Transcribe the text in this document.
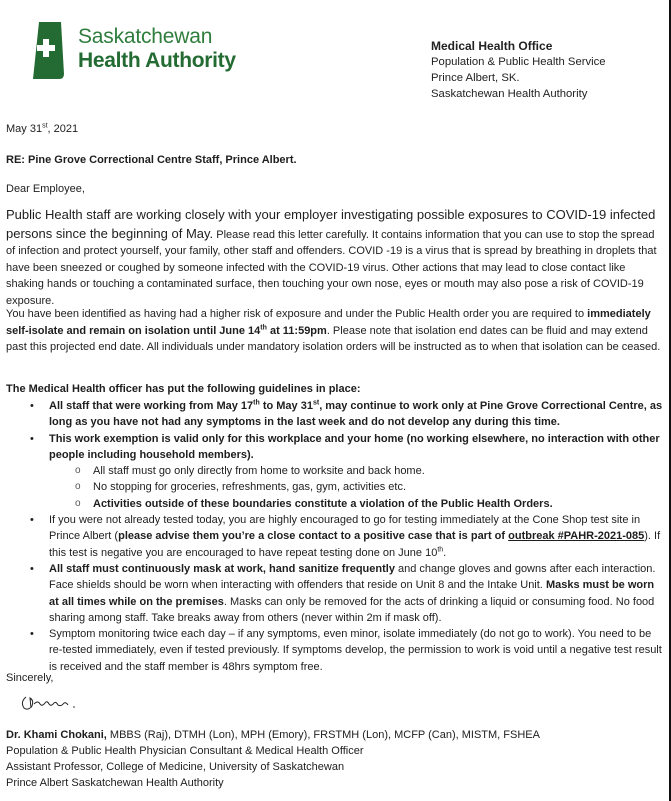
Saskatchewan
Health Authority
Medical Health Office
Population & Public Health Service
Prince Albert, SK.
Saskatchewan Health Authority
May 31st, 2021
RE: Pine Grove Correctional Centre Staff, Prince Albert.
Dear Employee,
Public Health staff are working closely with your employer investigating possible exposures to COVID-19 infected persons since the beginning of May. Please read this letter carefully. It contains information that you can use to stop the spread of infection and protect yourself, your family, other staff and offenders. COVID -19 is a virus that is spread by breathing in droplets that have been sneezed or coughed by someone infected with the COVID-19 virus. Other actions that may lead to close contact like shaking hands or touching a contaminated surface, then touching your own nose, eyes or mouth may also pose a risk of COVID-19 exposure.
You have been identified as having had a higher risk of exposure and under the Public Health order you are required to immediately self-isolate and remain on isolation until June 14th at 11:59pm. Please note that isolation end dates can be fluid and may extend past this projected end date. All individuals under mandatory isolation orders will be instructed as to when that isolation can be ceased.
The Medical Health officer has put the following guidelines in place:
• All staff that were working from May 17th to May 31st, may continue to work only at Pine Grove Correctional Centre, as long as you have not had any symptoms in the last week and do not develop any during this time.
• This work exemption is valid only for this workplace and your home (no working elsewhere, no interaction with other people including household members).
o All staff must go only directly from home to worksite and back home.
o No stopping for groceries, refreshments, gas, gym, activities etc.
o Activities outside of these boundaries constitute a violation of the Public Health Orders.
• If you were not already tested today, you are highly encouraged to go for testing immediately at the Cone Shop test site in Prince Albert (please advise them you’re a close contact to a positive case that is part of outbreak #PAHR-2021-085). If this test is negative you are encouraged to have repeat testing done on June 10th.
• All staff must continuously mask at work, hand sanitize frequently and change gloves and gowns after each interaction. Face shields should be worn when interacting with offenders that reside on Unit 8 and the Intake Unit. Masks must be worn at all times while on the premises. Masks can only be removed for the acts of drinking a liquid or consuming food. No food sharing among staff. Take breaks away from others (never within 2m if mask off).
• Symptom monitoring twice each day – if any symptoms, even minor, isolate immediately (do not go to work). You need to be re-tested immediately, even if tested previously. If symptoms develop, the permission to work is void until a negative test result is received and the staff member is 48hrs symptom free.
Sincerely,
Dr. Khami Chokani, MBBS (Raj), DTMH (Lon), MPH (Emory), FRSTMH (Lon), MCFP (Can), MISTM, FSHEA
Population & Public Health Physician Consultant & Medical Health Officer
Assistant Professor, College of Medicine, University of Saskatchewan
Prince Albert Saskatchewan Health Authority
